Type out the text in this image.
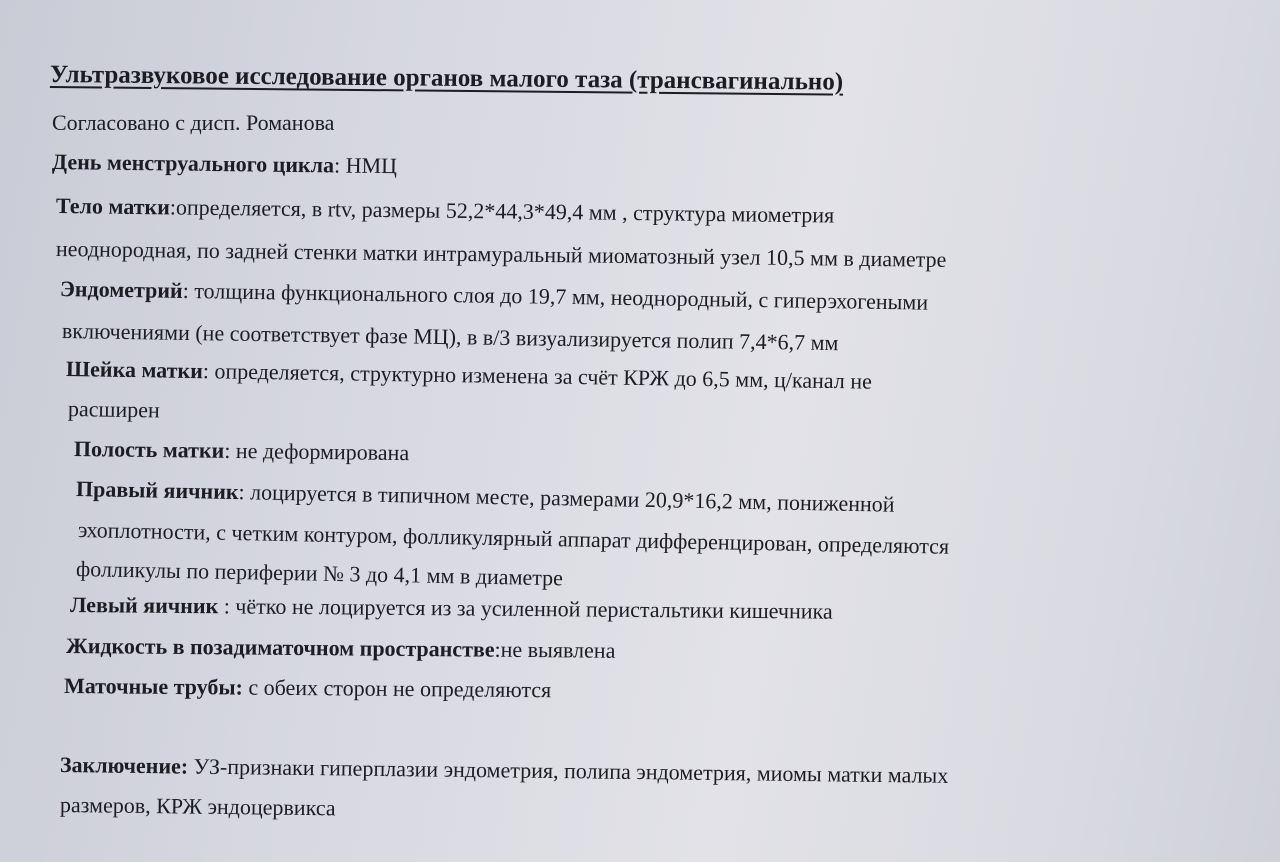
Ультразвуковое исследование органов малого таза (трансвагинально)
Согласовано с дисп. Романова
День менструального цикла: НМЦ
Тело матки:определяется, в rtv, размеры 52,2*44,3*49,4 мм , структура миометрия
неоднородная, по задней стенки матки интрамуральный миоматозный узел 10,5 мм в диаметре
Эндометрий: толщина функционального слоя до 19,7 мм, неоднородный, с гиперэхогеными
включениями (не соответствует фазе МЦ), в в/3 визуализируется полип 7,4*6,7 мм
Шейка матки: определяется, структурно изменена за счёт КРЖ до 6,5 мм, ц/канал не
расширен
Полость матки: не деформирована
Правый яичник: лоцируется в типичном месте, размерами 20,9*16,2 мм, пониженной
эхоплотности, с четким контуром, фолликулярный аппарат дифференцирован, определяются
фолликулы по периферии № 3 до 4,1 мм в диаметре
Левый яичник : чётко не лоцируется из за усиленной перистальтики кишечника
Жидкость в позадиматочном пространстве:не выявлена
Маточные трубы: с обеих сторон не определяются
Заключение: УЗ-признаки гиперплазии эндометрия, полипа эндометрия, миомы матки малых
размеров, КРЖ эндоцервикса
